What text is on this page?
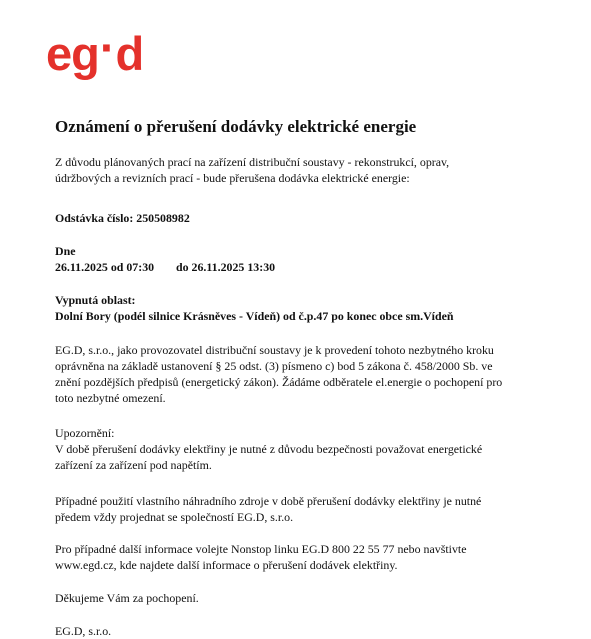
eg·d
Oznámení o přerušení dodávky elektrické energie

Z důvodu plánovaných prací na zařízení distribuční soustavy - rekonstrukcí, oprav,

údržbových a revizních prací - bude přerušena dodávka elektrické energie:

Odstávka číslo: 250508982

Dne

26.11.2025 od 07:30 do 26.11.2025 13:30

Vypnutá oblast:

Dolní Bory (podél silnice Krásněves - Vídeň) od č.p.47 po konec obce sm.Vídeň

EG.D, s.r.o., jako provozovatel distribuční soustavy je k provedení tohoto nezbytného kroku

oprávněna na základě ustanovení § 25 odst. (3) písmeno c) bod 5 zákona č. 458/2000 Sb. ve

znění pozdějších předpisů (energetický zákon). Žádáme odběratele el.energie o pochopení pro

toto nezbytné omezení.

Upozornění:

V době přerušení dodávky elektřiny je nutné z důvodu bezpečnosti považovat energetické

zařízení za zařízení pod napětím.

Případné použití vlastního náhradního zdroje v době přerušení dodávky elektřiny je nutné

předem vždy projednat se společností EG.D, s.r.o.

Pro případné další informace volejte Nonstop linku EG.D 800 22 55 77 nebo navštivte

www.egd.cz, kde najdete další informace o přerušení dodávek elektřiny.

Děkujeme Vám za pochopení.

EG.D, s.r.o.
